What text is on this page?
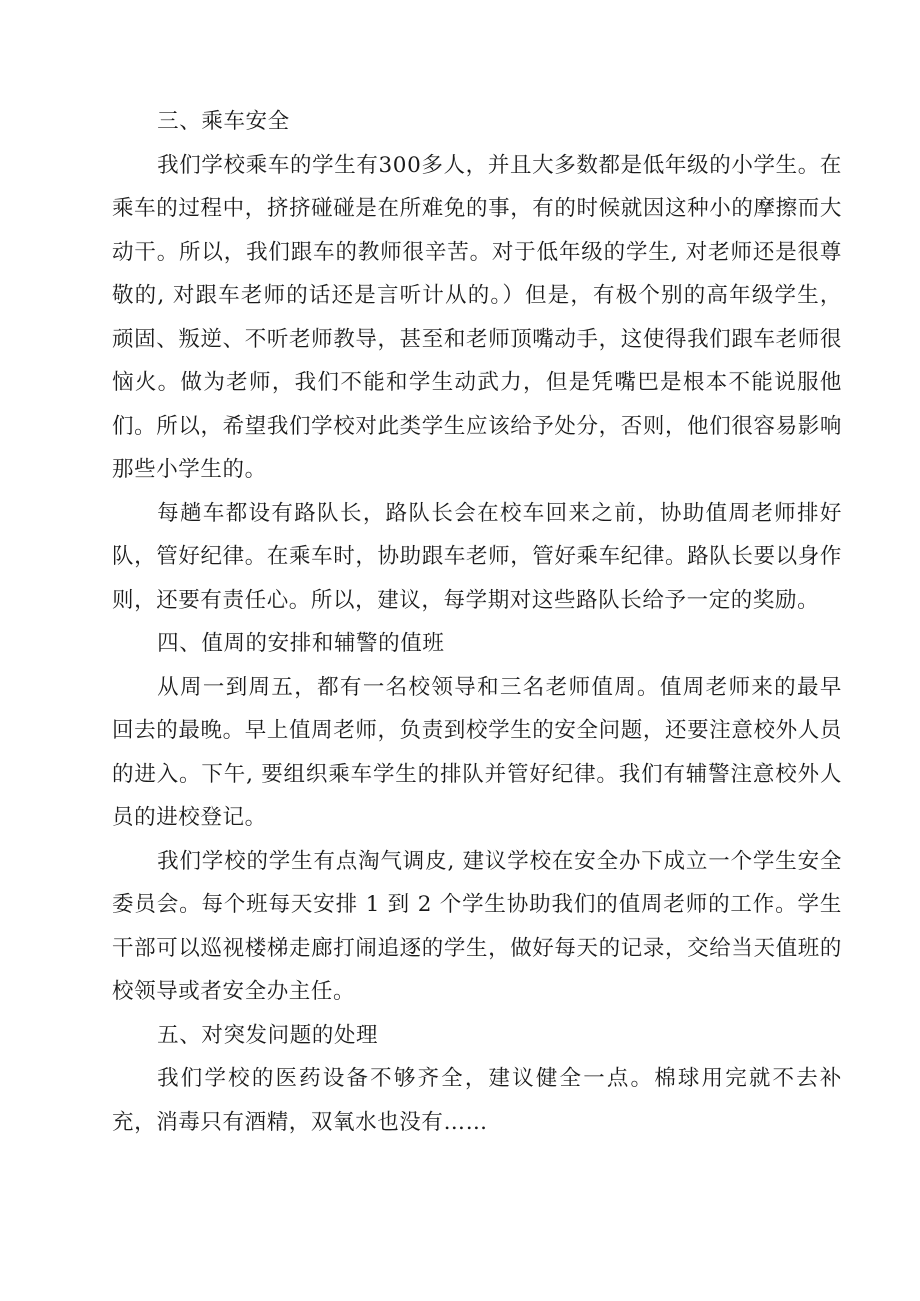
三、乘车安全

我们学校乘车的学生有300多人，并且大多数都是低年级的小学生。在乘车的过程中，挤挤碰碰是在所难免的事，有的时候就因这种小的摩擦而大动干。所以，我们跟车的教师很辛苦。对于低年级的学生, 对老师还是很尊敬的, 对跟车老师的话还是言听计从的。）但是，有极个别的高年级学生，顽固、叛逆、不听老师教导，甚至和老师顶嘴动手，这使得我们跟车老师很恼火。做为老师，我们不能和学生动武力，但是凭嘴巴是根本不能说服他们。所以，希望我们学校对此类学生应该给予处分，否则，他们很容易影响那些小学生的。

每趟车都设有路队长，路队长会在校车回来之前，协助值周老师排好队，管好纪律。在乘车时，协助跟车老师，管好乘车纪律。路队长要以身作则，还要有责任心。所以，建议，每学期对这些路队长给予一定的奖励。

四、值周的安排和辅警的值班

从周一到周五，都有一名校领导和三名老师值周。值周老师来的最早回去的最晚。早上值周老师，负责到校学生的安全问题，还要注意校外人员的进入。下午, 要组织乘车学生的排队并管好纪律。我们有辅警注意校外人员的进校登记。

我们学校的学生有点淘气调皮, 建议学校在安全办下成立一个学生安全委员会。每个班每天安排 1 到 2 个学生协助我们的值周老师的工作。学生干部可以巡视楼梯走廊打闹追逐的学生，做好每天的记录，交给当天值班的校领导或者安全办主任。

五、对突发问题的处理

我们学校的医药设备不够齐全，建议健全一点。棉球用完就不去补充，消毒只有酒精，双氧水也没有……
